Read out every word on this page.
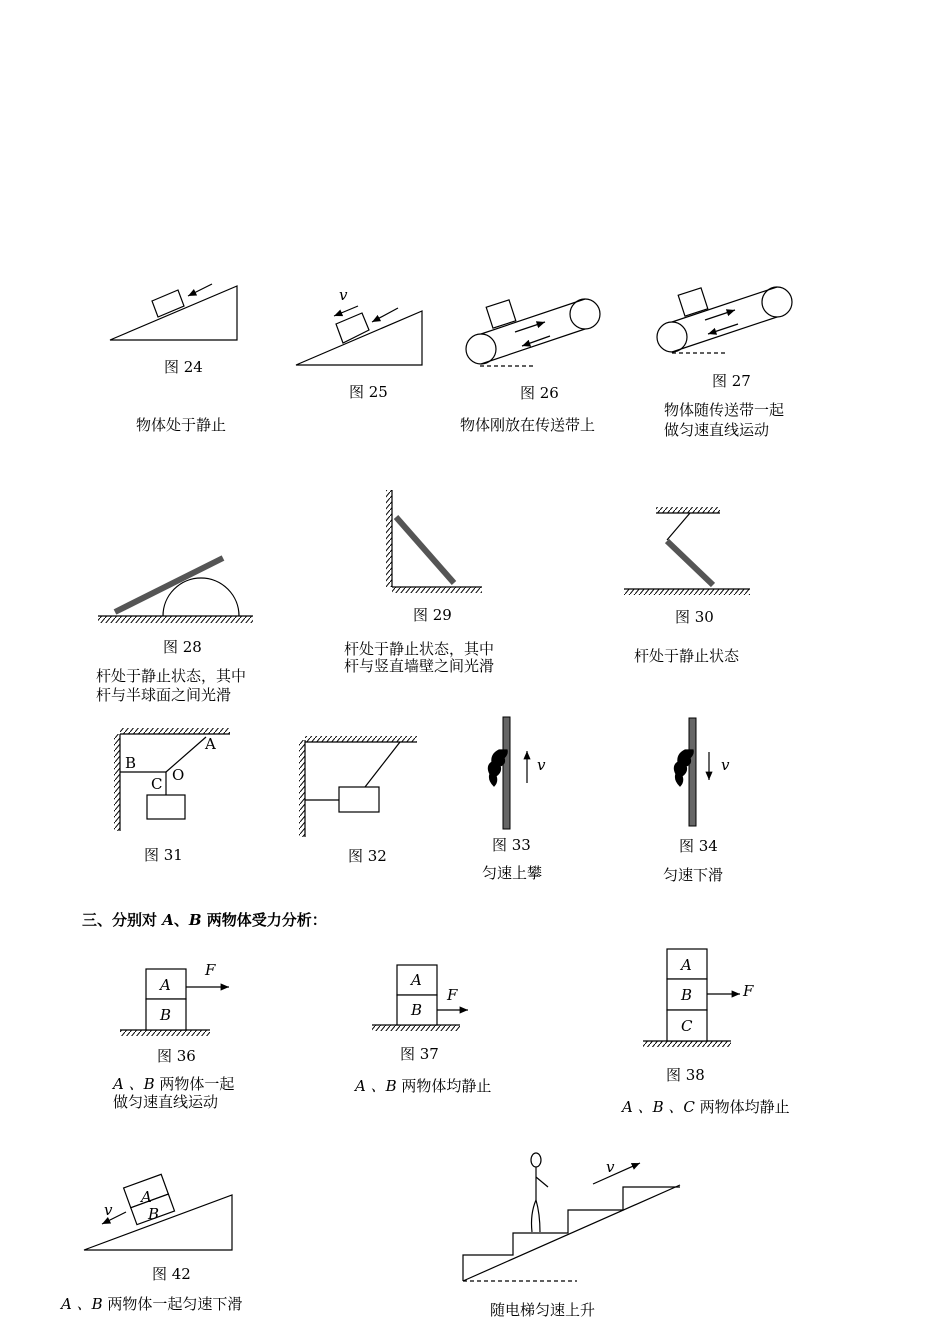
图 24
物体处于静止
v
图 25	图 26
物体刚放在传送带上
图 27
物体随传送带一起
做匀速直线运动
图 28
杆处于静止状态，其中
杆与半球面之间光滑
图 29
杆处于静止状态，其中
杆与竖直墙壁之间光滑
图 30
杆处于静止状态
A
B
C O
图 31	图 32
v
图 33
匀速上攀
v
图 34
匀速下滑
三、分别对 A、B 两物体受力分析：
A
B
F
图 36
A 、B 两物体一起
做匀速直线运动
A
B
F
图 37
A 、B 两物体均静止
A
B
C
F
图 38
A 、B 、C 两物体均静止
A
B
v
图 42
A 、B 两物体一起匀速下滑
v
随电梯匀速上升
